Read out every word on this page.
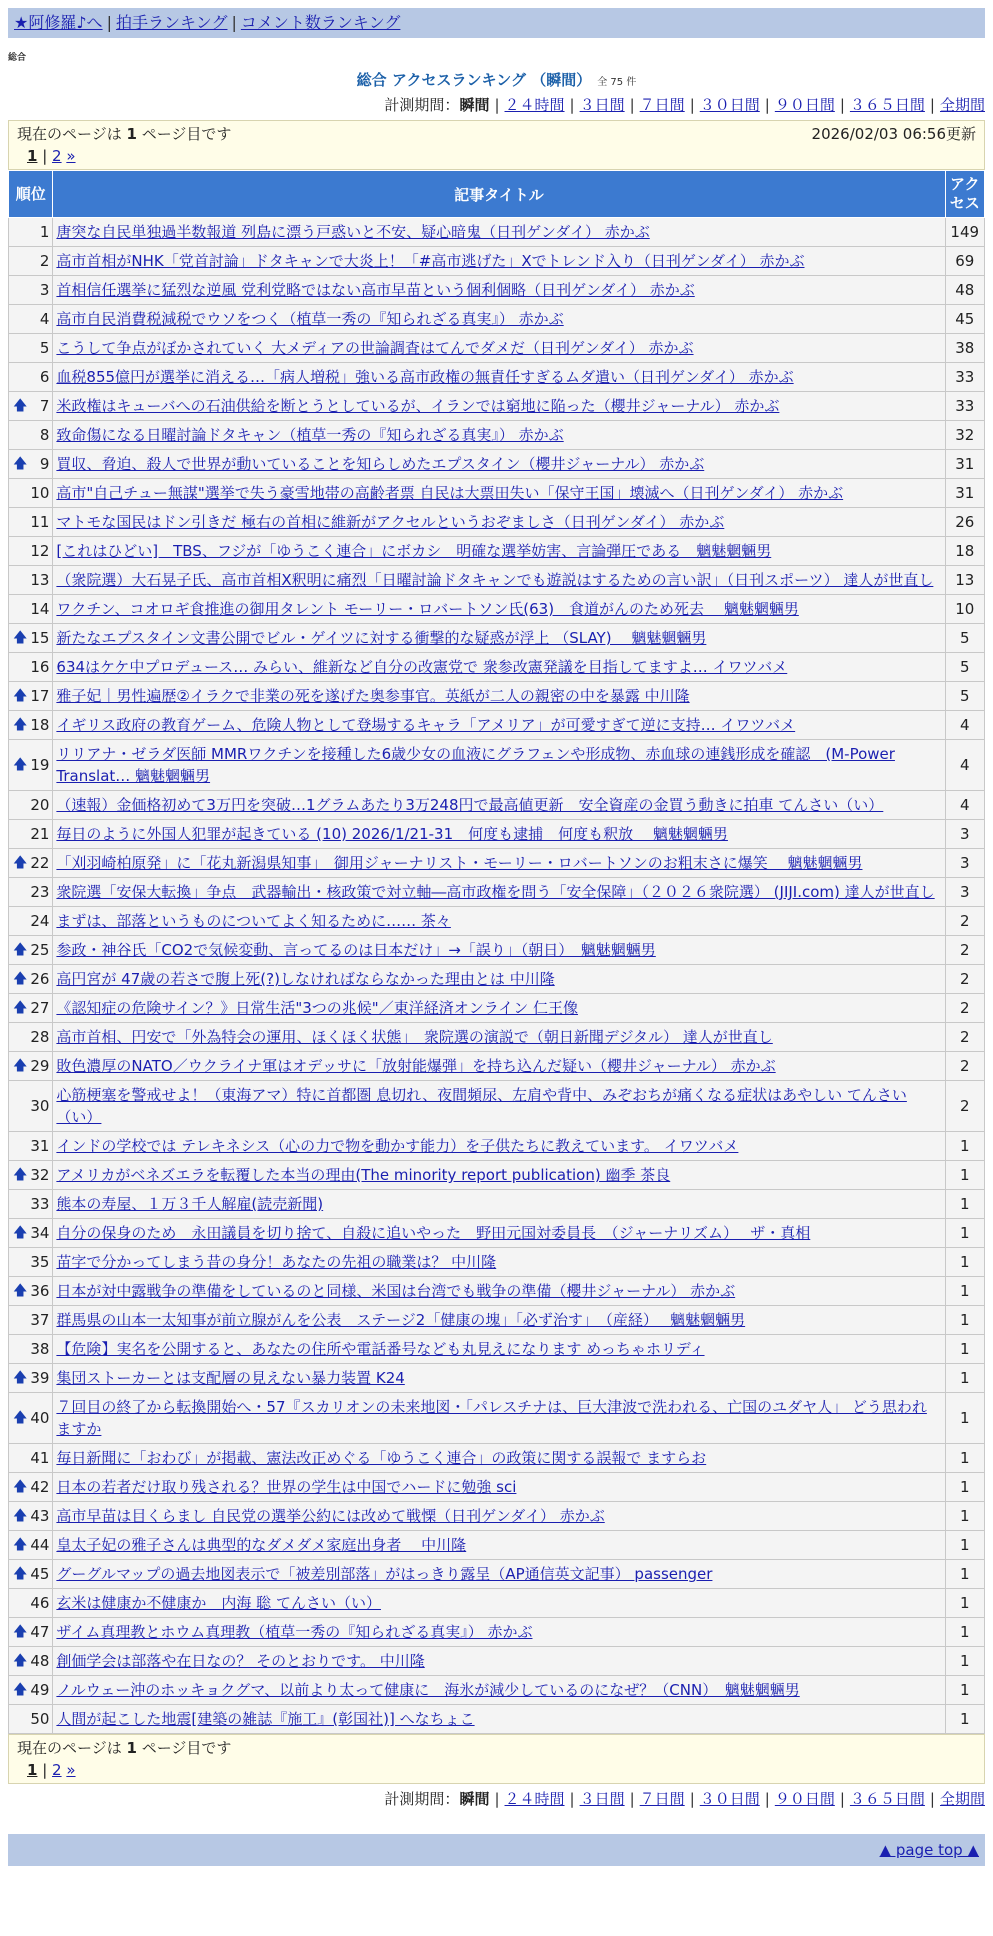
★阿修羅♪へ | 拍手ランキング | コメント数ランキング
総合
総合 アクセスランキング （瞬間） 全 75 件
計測期間：瞬間 | ２４時間 | ３日間 | ７日間 | ３０日間 | ９０日間 | ３６５日間 | 全期間
現在のページは 1 ページ目です	2026/02/03 06:56更新
1 | 2 »
順位	記事タイトル	アクセス
1	唐突な自民単独過半数報道 列島に漂う戸惑いと不安、疑心暗鬼（日刊ゲンダイ） 赤かぶ	149
2	高市首相がNHK「党首討論」ドタキャンで大炎上！「#高市逃げた」Xでトレンド入り（日刊ゲンダイ） 赤かぶ	69
3	首相信任選挙に猛烈な逆風 党利党略ではない高市早苗という個利個略（日刊ゲンダイ） 赤かぶ	48
4	高市自民消費税減税でウソをつく（植草一秀の『知られざる真実』） 赤かぶ	45
5	こうして争点がぼかされていく 大メディアの世論調査はてんでダメだ（日刊ゲンダイ） 赤かぶ	38
6	血税855億円が選挙に消える…「病人増税」強いる高市政権の無責任すぎるムダ遣い（日刊ゲンダイ） 赤かぶ	33

🡅 7	米政権はキューバへの石油供給を断とうとしているが、イランでは窮地に陥った（櫻井ジャーナル） 赤かぶ	33
8	致命傷になる日曜討論ドタキャン（植草一秀の『知られざる真実』） 赤かぶ	32

🡅 9	買収、脅迫、殺人で世界が動いていることを知らしめたエプスタイン（櫻井ジャーナル） 赤かぶ	31
10	高市"自己チュー無謀"選挙で失う豪雪地帯の高齢者票 自民は大票田失い「保守王国」壊滅へ（日刊ゲンダイ） 赤かぶ	31
11	マトモな国民はドン引きだ 極右の首相に維新がアクセルというおぞましさ（日刊ゲンダイ） 赤かぶ	26
12	[これはひどい]　TBS、フジが「ゆうこく連合」にボカシ　明確な選挙妨害、言論弾圧である　魑魅魍魎男	18
13	（衆院選）大石晃子氏、高市首相X釈明に痛烈「日曜討論ドタキャンでも遊説はするための言い訳」（日刊スポーツ） 達人が世直し	13
14	ワクチン、コオロギ食推進の御用タレント モーリー・ロバートソン氏(63)　食道がんのため死去　 魑魅魍魎男	10

🡅 15	新たなエプスタイン文書公開でビル・ゲイツに対する衝撃的な疑惑が浮上 （SLAY)　 魑魅魍魎男	5
16	634はケケ中プロデュース… みらい、維新など自分の改憲党で 衆参改憲発議を目指してますよ… イワツバメ	5

🡅 17	雅子妃｜男性遍歴②イラクで非業の死を遂げた奥参事官。英紙が二人の親密の中を暴露 中川隆	5

🡅 18	イギリス政府の教育ゲーム、危険人物として登場するキャラ「アメリア」が可愛すぎて逆に支持… イワツバメ	4

🡅 19	リリアナ・ゼラダ医師 MMRワクチンを接種した6歳少女の血液にグラフェンや形成物、赤血球の連銭形成を確認　(M-Power Translat… 魑魅魍魎男	4
20	（速報）金価格初めて3万円を突破…1グラムあたり3万248円で最高値更新　安全資産の金買う動きに拍車 てんさい（い）	4
21	毎日のように外国人犯罪が起きている (10) 2026/1/21-31　何度も逮捕　何度も釈放　 魑魅魍魎男	3

🡅 22	「刈羽崎柏原発」に「花丸新潟県知事」　御用ジャーナリスト・モーリー・ロバートソンのお粗末さに爆笑　 魑魅魍魎男	3
23	衆院選「安保大転換」争点　武器輸出・核政策で対立軸―高市政権を問う「安全保障」（２０２６衆院選） (JIJI.com) 達人が世直し	3
24	まずは、部落というものについてよく知るために…… 茶々	2

🡅 25	参政・神谷氏「CO2で気候変動、言ってるのは日本だけ」→「誤り」（朝日）　魑魅魍魎男	2

🡅 26	高円宮が 47歳の若さで腹上死(?)しなければならなかった理由とは 中川隆	2

🡅 27	《認知症の危険サイン？》日常生活"3つの兆候"／東洋経済オンライン 仁王像	2
28	高市首相、円安で「外為特会の運用、ほくほく状態」　衆院選の演説で（朝日新聞デジタル） 達人が世直し	2

🡅 29	敗色濃厚のNATO／ウクライナ軍はオデッサに「放射能爆弾」を持ち込んだ疑い（櫻井ジャーナル） 赤かぶ	2
30	心筋梗塞を警戒せよ！（東海アマ）特に首都圏 息切れ、夜間頻尿、左肩や背中、みぞおちが痛くなる症状はあやしい てんさい（い）	2
31	インドの学校では テレキネシス（心の力で物を動かす能力）を子供たちに教えています。 イワツバメ	1

🡅 32	アメリカがベネズエラを転覆した本当の理由(The minority report publication) 幽季 茶良	1
33	熊本の寿屋、１万３千人解雇(読売新聞)	1

🡅 34	自分の保身のため　永田議員を切り捨て、自殺に追いやった　野田元国対委員長　（ジャーナリズム）　 ザ・真相	1
35	苗字で分かってしまう昔の身分！あなたの先祖の職業は？ 中川隆	1

🡅 36	日本が対中露戦争の準備をしているのと同様、米国は台湾でも戦争の準備（櫻井ジャーナル） 赤かぶ	1
37	群馬県の山本一太知事が前立腺がんを公表　ステージ2「健康の塊」「必ず治す」　（産経）　 魑魅魍魎男	1
38	【危険】実名を公開すると、あなたの住所や電話番号なども丸見えになります めっちゃホリディ	1

🡅 39	集団ストーカーとは支配層の見えない暴力装置 K24	1

🡅 40	７回目の終了から転換開始へ・57『スカリオンの未来地図・「パレスチナは、巨大津波で洗われる、亡国のユダヤ人」 どう思われますか	1
41	毎日新聞に「おわび」が掲載、憲法改正めぐる「ゆうこく連合」の政策に関する誤報で ますらお	1

🡅 42	日本の若者だけ取り残される？世界の学生は中国でハードに勉強 sci	1

🡅 43	高市早苗は目くらまし 自民党の選挙公約には改めて戦慄（日刊ゲンダイ） 赤かぶ	1

🡅 44	皇太子妃の雅子さんは典型的なダメダメ家庭出身者　 中川隆	1

🡅 45	グーグルマップの過去地図表示で「被差別部落」がはっきり露呈（AP通信英文記事） passenger	1
46	玄米は健康か不健康か　内海 聡 てんさい（い）	1

🡅 47	ザイム真理教とホウム真理教（植草一秀の『知られざる真実』） 赤かぶ	1

🡅 48	創価学会は部落や在日なの？ そのとおりです。 中川隆	1

🡅 49	ノルウェー沖のホッキョクグマ、以前より太って健康に　海氷が減少しているのになぜ？（CNN）　魑魅魍魎男	1
50	人間が起こした地震[建築の雑誌『施工』(彰国社)] へなちょこ	1
現在のページは 1 ページ目です
1 | 2 »
計測期間：瞬間 | ２４時間 | ３日間 | ７日間 | ３０日間 | ９０日間 | ３６５日間 | 全期間
▲ page top ▲
